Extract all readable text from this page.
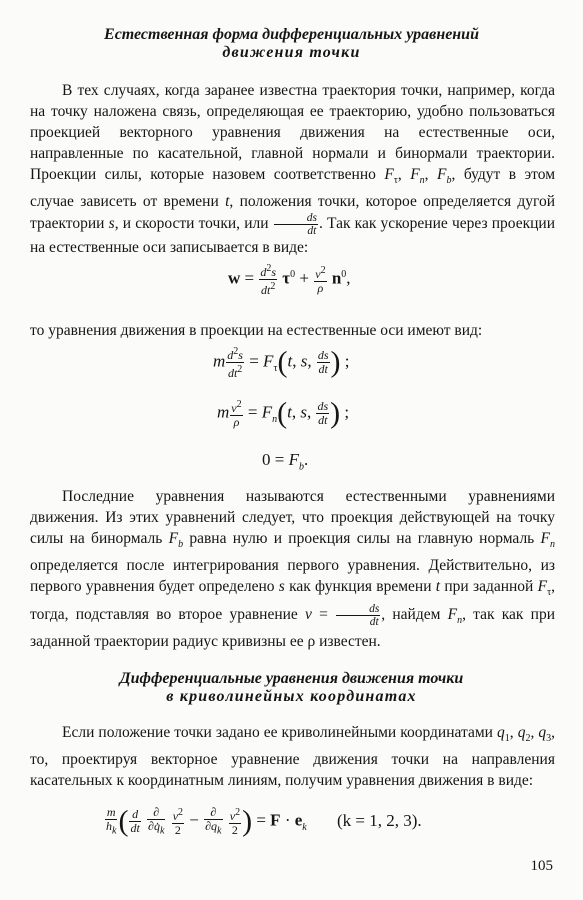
Естественная форма дифференциальных уравнений
движения точки
В тех случаях, когда заранее известна траектория точки, например, когда на точку наложена связь, определяющая ее траекторию, удобно пользоваться проекцией векторного уравнения движения на естественные оси, направленные по касательной, главной нормали и бинормали траектории. Проекции силы, которые назовем соответственно $F_\tau$, $F_n$, $F_b$, будут в этом случае зависеть от времени t, положения точки, которое определяется дугой траектории s, и скорости точки, или $\frac{ds}{dt}$ . Так как ускорение через проекции на естественные оси записывается в виде:
$w = \frac{d^2s}{dt^2} \tau^0 + \frac{v^2}{\rho} n^0$,
то уравнения движения в проекции на естественные оси имеют вид:
m $\frac{d^2s}{dt^2} = F_\tau(t$, s, $\frac{ds}{dt}$ ) ;
m $\frac{v^2}{\rho} = F_n(t$, s, $\frac{ds}{dt}$ ) ;
$0 = F_b$.
Последние уравнения называются естественными уравнениями движения. Из этих уравнений следует, что проекция действующей на точку силы на бинормаль $F_b$ равна нулю и проекция силы на главную нормаль $F_n$ определяется после интегрирования первого уравнения. Действительно, из первого уравнения будет определено s как функция времени t при заданной $F_\tau$, тогда, подставляя во второе уравнение $v = \frac{ds}{dt}$ , найдем $F_n$, так как при заданной траектории радиус кривизны ее ρ известен.
Дифференциальные уравнения движения точки
в криволинейных координатах
Если положение точки задано ее криволинейными координатами $q_1$, $q_2$, $q_3$, то, проектируя векторное уравнение движения точки на направления касательных к координатным линиям, получим уравнения движения в виде:
$\frac{m}{h_k}$ ( $\frac{d}{dt}$
$\frac{\partial}{\partial q̇_k}$
$\frac{v^2}{2} - \frac{\partial}{\partial q_k}$
$\frac{v^2}{2}$ ) = $F \cdot e_k$ (k = 1, 2, 3).
105
